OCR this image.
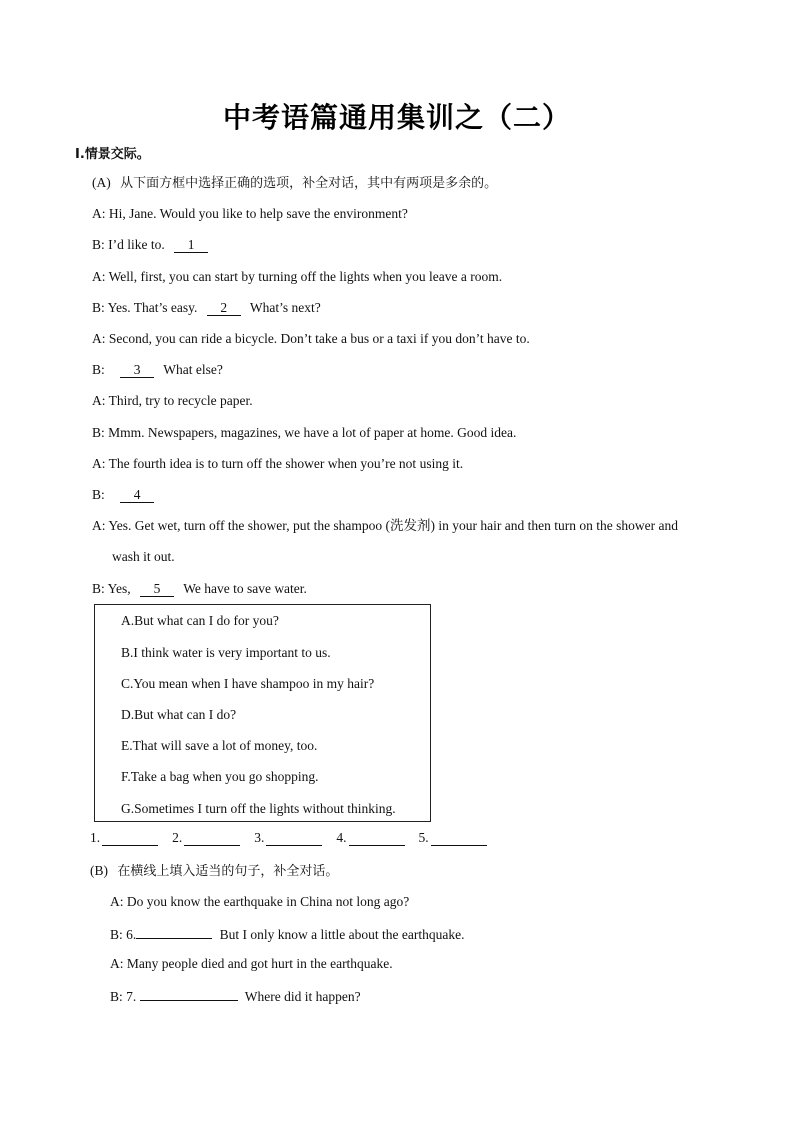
中考语篇通用集训之（二）
Ⅰ.情景交际。
(A) 从下面方框中选择正确的选项，补全对话，其中有两项是多余的。
A: Hi, Jane. Would you like to help save the environment?
B: I’d like to. 1
A: Well, first, you can start by turning off the lights when you leave a room.
B: Yes. That’s easy. 2 What’s next?
A: Second, you can ride a bicycle. Don’t take a bus or a taxi if you don’t have to.
B: 3 What else?
A: Third, try to recycle paper.
B: Mmm. Newspapers, magazines, we have a lot of paper at home. Good idea.
A: The fourth idea is to turn off the shower when you’re not using it.
B: 4
A: Yes. Get wet, turn off the shower, put the shampoo (洗发剂) in your hair and then turn on the shower and
wash it out.
B: Yes, 5 We have to save water.
A.But what can I do for you?
B.I think water is very important to us.
C.You mean when I have shampoo in my hair?
D.But what can I do?
E.That will save a lot of money, too.
F.Take a bag when you go shopping.
G.Sometimes I turn off the lights without thinking.
1.	2.	3.	4.	5.
(B) 在横线上填入适当的句子，补全对话。
A: Do you know the earthquake in China not long ago?
B: 6.	But I only know a little about the earthquake.
A: Many people died and got hurt in the earthquake.
B: 7.	Where did it happen?
